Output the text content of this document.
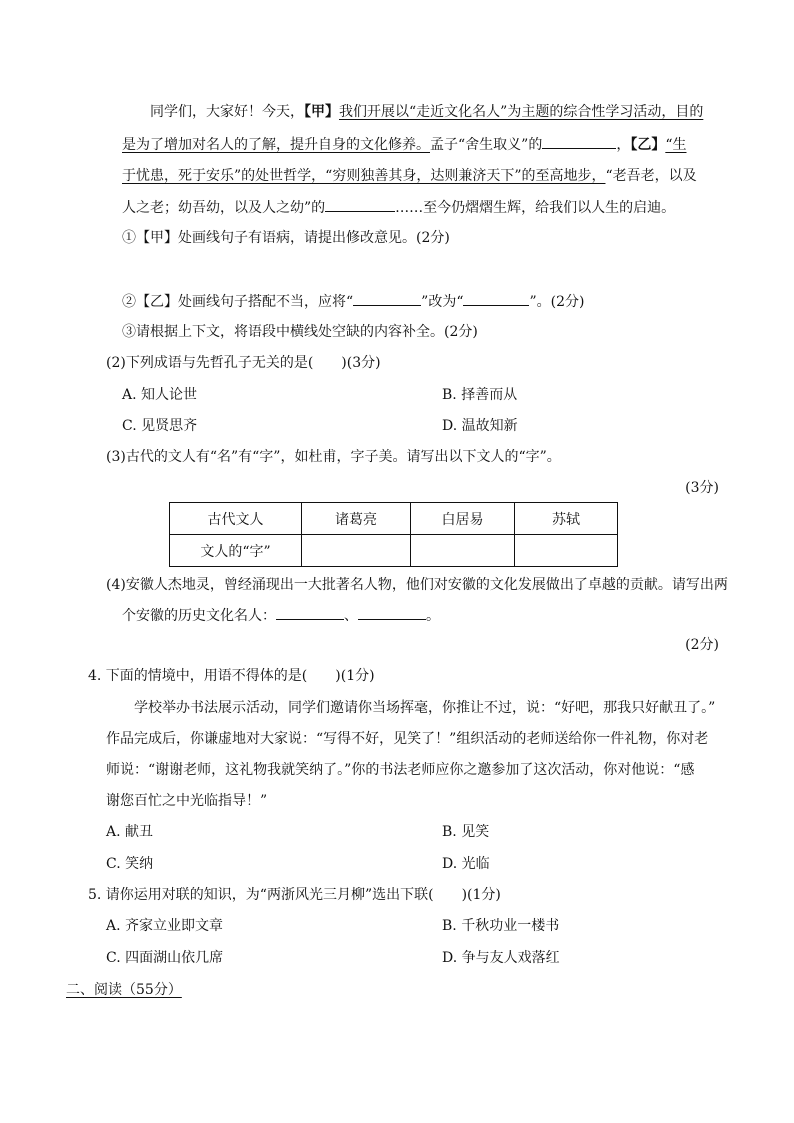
同学们，大家好！今天，【甲】我们开展以“走近文化名人”为主题的综合性学习活动，目的
是为了增加对名人的了解，提升自身的文化修养。孟子“舍生取义”的	，【乙】“生
于忧患，死于安乐”的处世哲学，“穷则独善其身，达则兼济天下”的至高地步，“老吾老，以及
人之老；幼吾幼，以及人之幼”的	……至今仍熠熠生辉，给我们以人生的启迪。
①【甲】处画线句子有语病，请提出修改意见。(2分)
②【乙】处画线句子搭配不当，应将“	”改为“	”。(2分)
③请根据上下文，将语段中横线处空缺的内容补全。(2分)
(2)下列成语与先哲孔子无关的是(　　)(3分)
A. 知人论世	B. 择善而从
C. 见贤思齐	D. 温故知新
(3)古代的文人有“名”有“字”，如杜甫，字子美。请写出以下文人的“字”。
(3分)
古代文人	诸葛亮	白居易	苏轼
文人的“字”			
(4)安徽人杰地灵，曾经涌现出一大批著名人物，他们对安徽的文化发展做出了卓越的贡献。请写出两
个安徽的历史文化名人：	、	。
(2分)
4. 下面的情境中，用语不得体的是(　　)(1分)
学校举办书法展示活动，同学们邀请你当场挥毫，你推让不过，说：“好吧，那我只好献丑了。”
作品完成后，你谦虚地对大家说：“写得不好，见笑了！”组织活动的老师送给你一件礼物，你对老
师说：“谢谢老师，这礼物我就笑纳了。”你的书法老师应你之邀参加了这次活动，你对他说：“感
谢您百忙之中光临指导！”
A. 献丑	B. 见笑
C. 笑纳	D. 光临
5. 请你运用对联的知识，为“两浙风光三月柳”选出下联(　　)(1分)
A. 齐家立业即文章	B. 千秋功业一楼书
C. 四面湖山依几席	D. 争与友人戏落红
二、阅读（55分）
